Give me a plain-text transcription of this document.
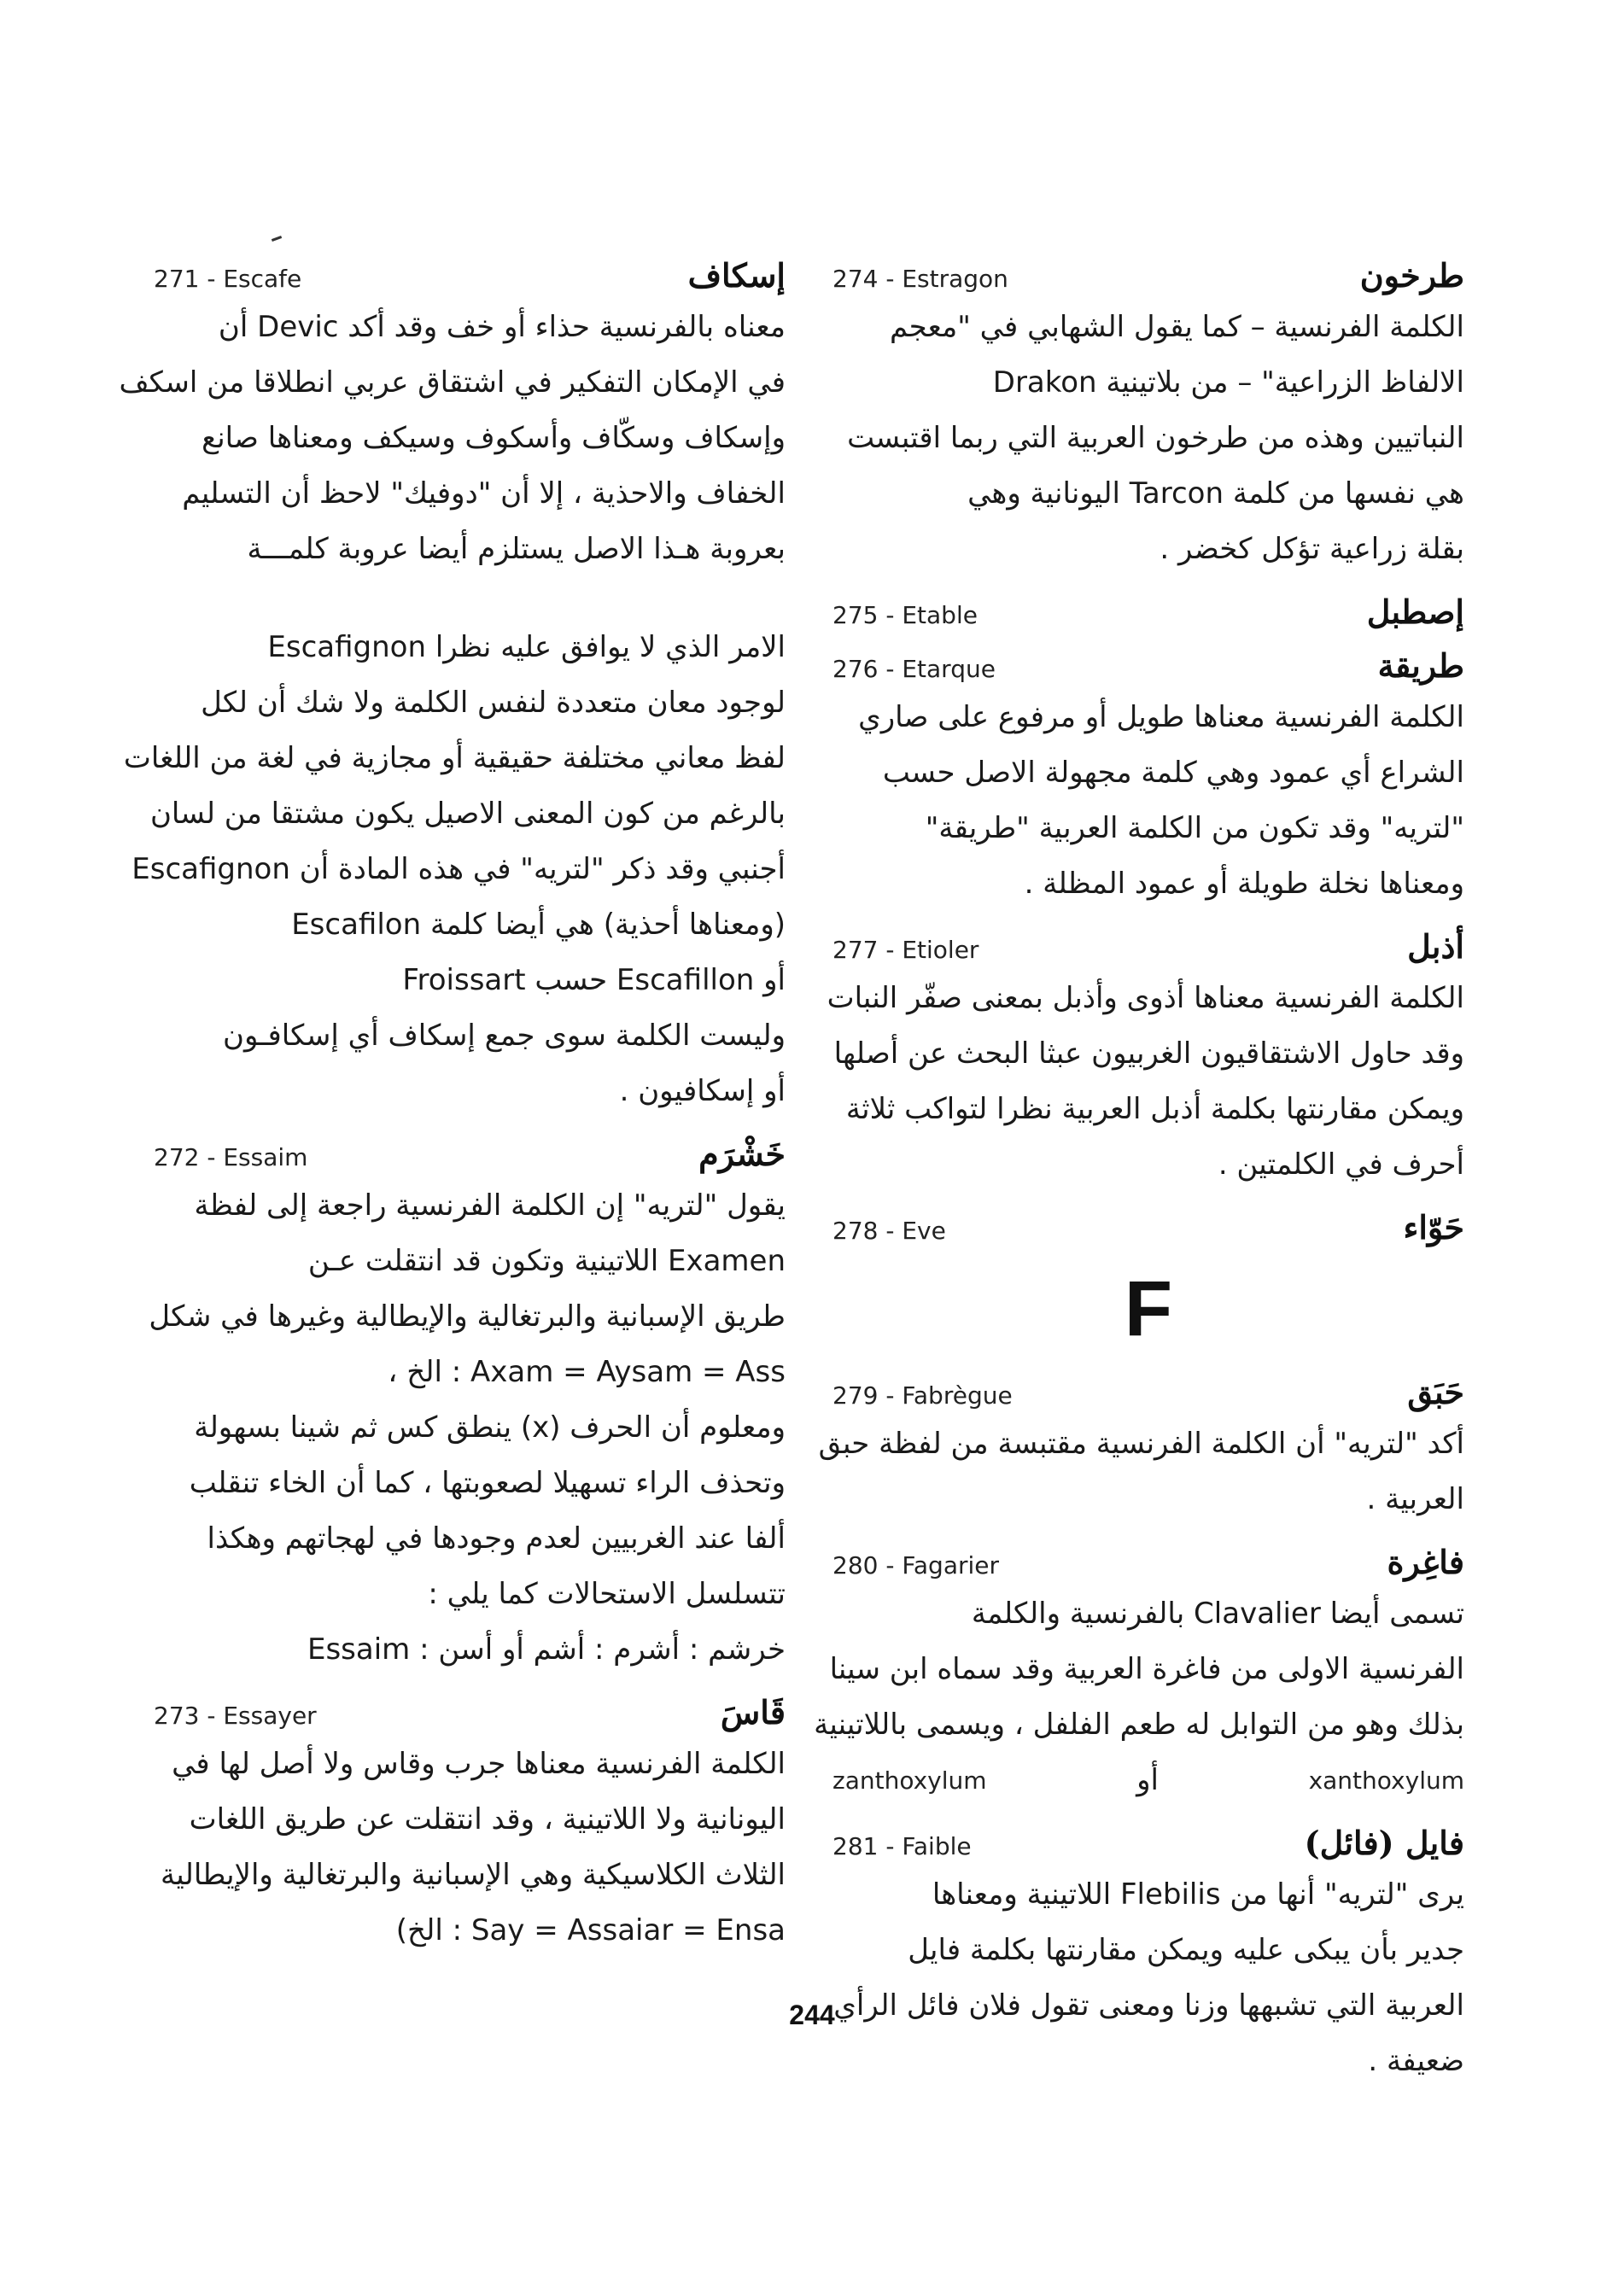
274 - Estragon	طرخون
الكلمة الفرنسية – كما يقول الشهابي في "معجم
الالفاظ الزراعية" – من بلاتينية Drakon
النباتيين وهذه من طرخون العربية التي ربما اقتبست
هي نفسها من كلمة Tarcon اليونانية وهي
بقلة زراعية تؤكل كخضر .
275 - Etable	إصطبل
276 - Etarque	طريقة
الكلمة الفرنسية معناها طويل أو مرفوع على صاري
الشراع أي عمود وهي كلمة مجهولة الاصل حسب
"لتريه" وقد تكون من الكلمة العربية "طريقة"
ومعناها نخلة طويلة أو عمود المظلة .
277 - Etioler	أذبل
الكلمة الفرنسية معناها أذوى وأذبل بمعنى صفّر النبات
وقد حاول الاشتقاقيون الغربيون عبثا البحث عن أصلها
ويمكن مقارنتها بكلمة أذبل العربية نظرا لتواكب ثلاثة
أحرف في الكلمتين .
278 - Eve	حَوّاء
F
279 - Fabrègue	حَبَق
أكد "لتريه" أن الكلمة الفرنسية مقتبسة من لفظة حبق
العربية .
280 - Fagarier	فاغِرة
تسمى أيضا Clavalier بالفرنسية والكلمة
الفرنسية الاولى من فاغرة العربية وقد سماه ابن سينا
بذلك وهو من التوابل له طعم الفلفل ، ويسمى باللاتينية
zanthoxylum	أو	xanthoxylum
281 - Faible	فايل (فائل)
يرى "لتريه" أنها من Flebilis اللاتينية ومعناها
جدير بأن يبكى عليه ويمكن مقارنتها بكلمة فايل
العربية التي تشبهها وزنا ومعنى تقول فلان فائل الرأي
ضعيفة .
271 - Escafe	إسكاف
معناه بالفرنسية حذاء أو خف وقد أكد Devic أن
في الإمكان التفكير في اشتقاق عربي انطلاقا من اسكف
وإسكاف وسكّاف وأسكوف وسيكف ومعناها صانع
الخفاف والاحذية ، إلا أن "دوفيك" لاحظ أن التسليم
بعروبة هـذا الاصل يستلزم أيضا عروبة كلمـــة
الامر الذي لا يوافق عليه نظرا Escafignon
لوجود معان متعددة لنفس الكلمة ولا شك أن لكل
لفظ معاني مختلفة حقيقية أو مجازية في لغة من اللغات
بالرغم من كون المعنى الاصيل يكون مشتقا من لسان
أجنبي وقد ذكر "لتريه" في هذه المادة أن Escafignon
(ومعناها أحذية) هي أيضا كلمة Escafilon
أو Escafillon حسب Froissart
وليست الكلمة سوى جمع إسكاف أي إسكافـون
أو إسكافيون .
272 - Essaim	خَشْرَم
يقول "لتريه" إن الكلمة الفرنسية راجعة إلى لفظة
Examen اللاتينية وتكون قد انتقلت عـن
طريق الإسبانية والبرتغالية والإيطالية وغيرها في شكل
Axam = Aysam = Ass : الخ ،
ومعلوم أن الحرف (x) ينطق كس ثم شينا بسهولة
وتحذف الراء تسهيلا لصعوبتها ، كما أن الخاء تنقلب
ألفا عند الغربيين لعدم وجودها في لهجاتهم وهكذا
تتسلسل الاستحالات كما يلي :
خرشم : أشرم : أشم أو أسن : Essaim
273 - Essayer	قَاسَ
الكلمة الفرنسية معناها جرب وقاس ولا أصل لها في
اليونانية ولا اللاتينية ، وقد انتقلت عن طريق اللغات
الثلاث الكلاسيكية وهي الإسبانية والبرتغالية والإيطالية
Say = Assaiar = Ensa : الخ)
244
